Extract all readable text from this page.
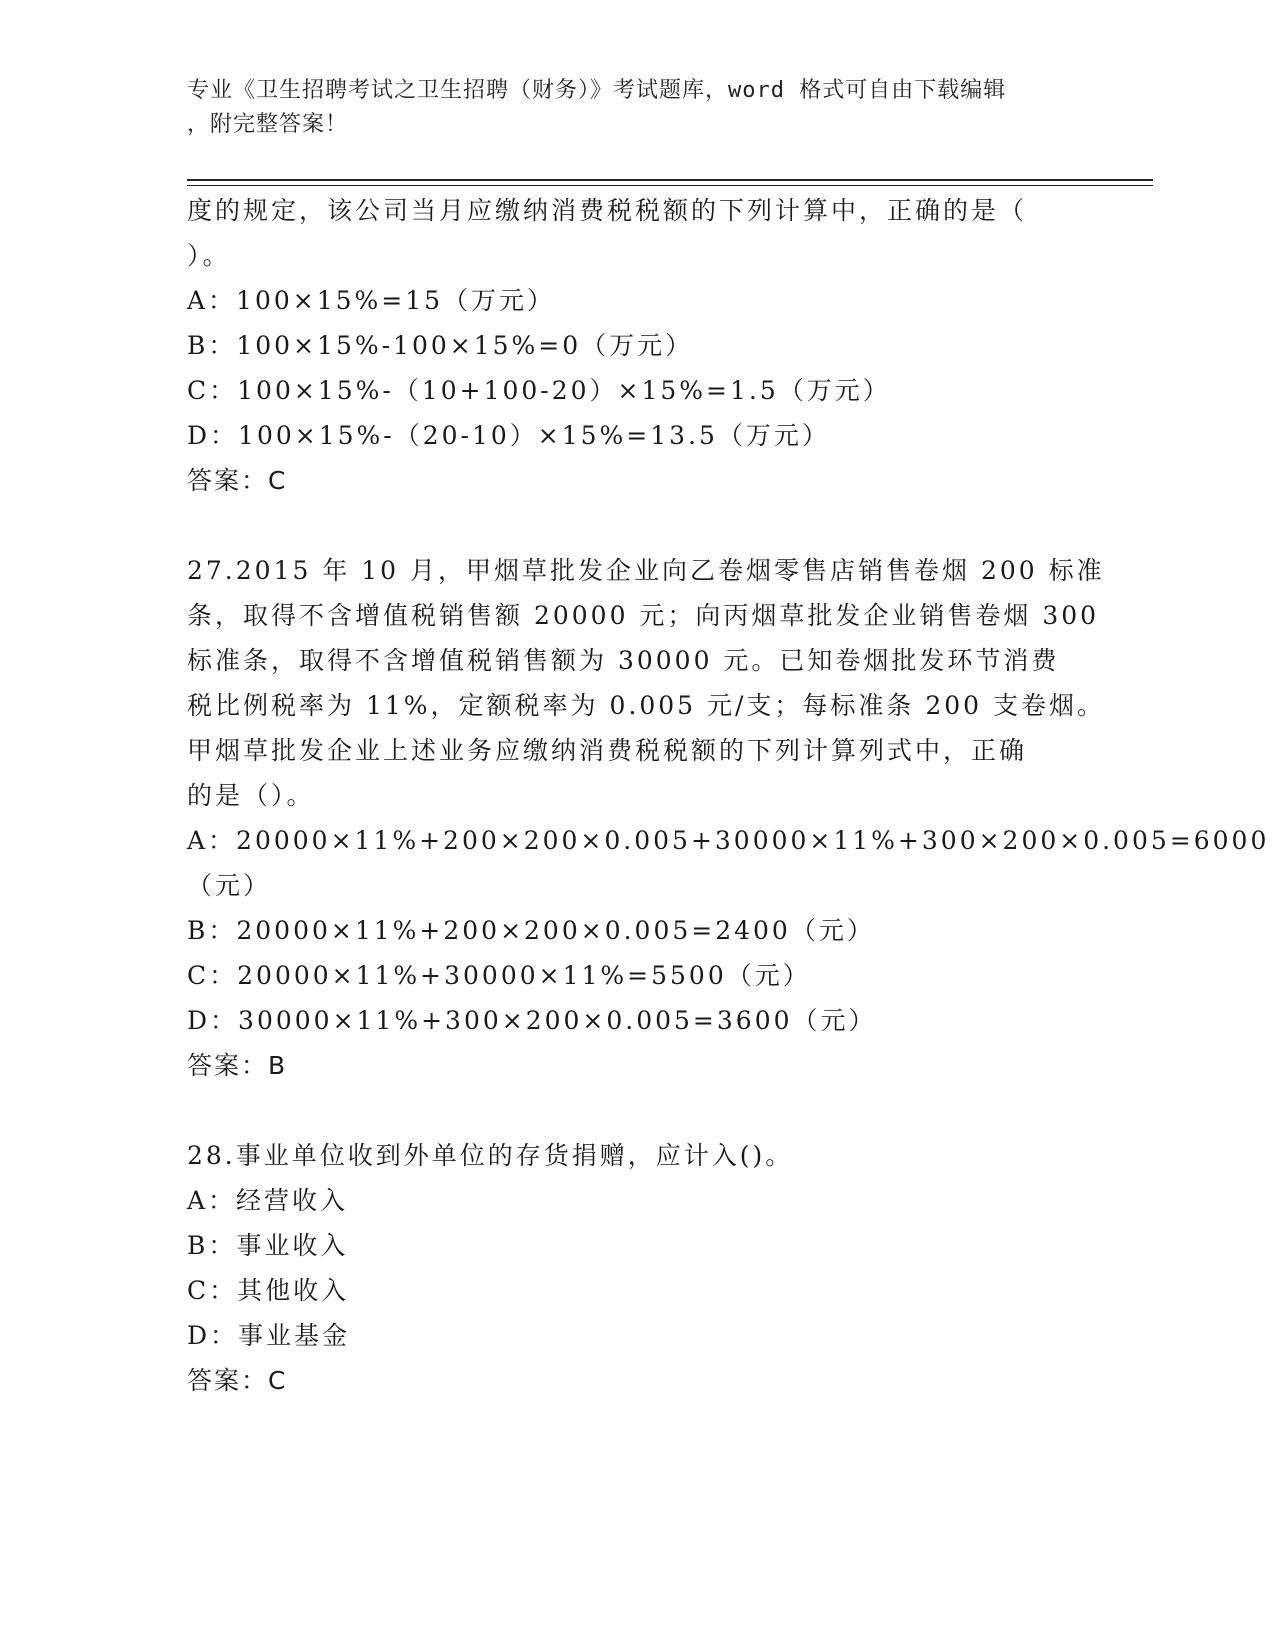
专业《卫生招聘考试之卫生招聘（财务）》考试题库，word 格式可自由下载编辑
，附完整答案！
度的规定，该公司当月应缴纳消费税税额的下列计算中，正确的是（
）。
A：100×15%=15（万元）
B：100×15%-100×15%=0（万元）
C：100×15%-（10+100-20）×15%=1.5（万元）
D：100×15%-（20-10）×15%=13.5（万元）
答案：C
27.2015 年 10 月，甲烟草批发企业向乙卷烟零售店销售卷烟 200 标准
条，取得不含增值税销售额 20000 元；向丙烟草批发企业销售卷烟 300
标准条，取得不含增值税销售额为 30000 元。已知卷烟批发环节消费
税比例税率为 11%，定额税率为 0.005 元/支；每标准条 200 支卷烟。
甲烟草批发企业上述业务应缴纳消费税税额的下列计算列式中，正确
的是（）。
A：20000×11%+200×200×0.005+30000×11%+300×200×0.005=6000
（元）
B：20000×11%+200×200×0.005=2400（元）
C：20000×11%+30000×11%=5500（元）
D：30000×11%+300×200×0.005=3600（元）
答案：B
28.事业单位收到外单位的存货捐赠，应计入()。
A：经营收入
B：事业收入
C：其他收入
D：事业基金
答案：C
